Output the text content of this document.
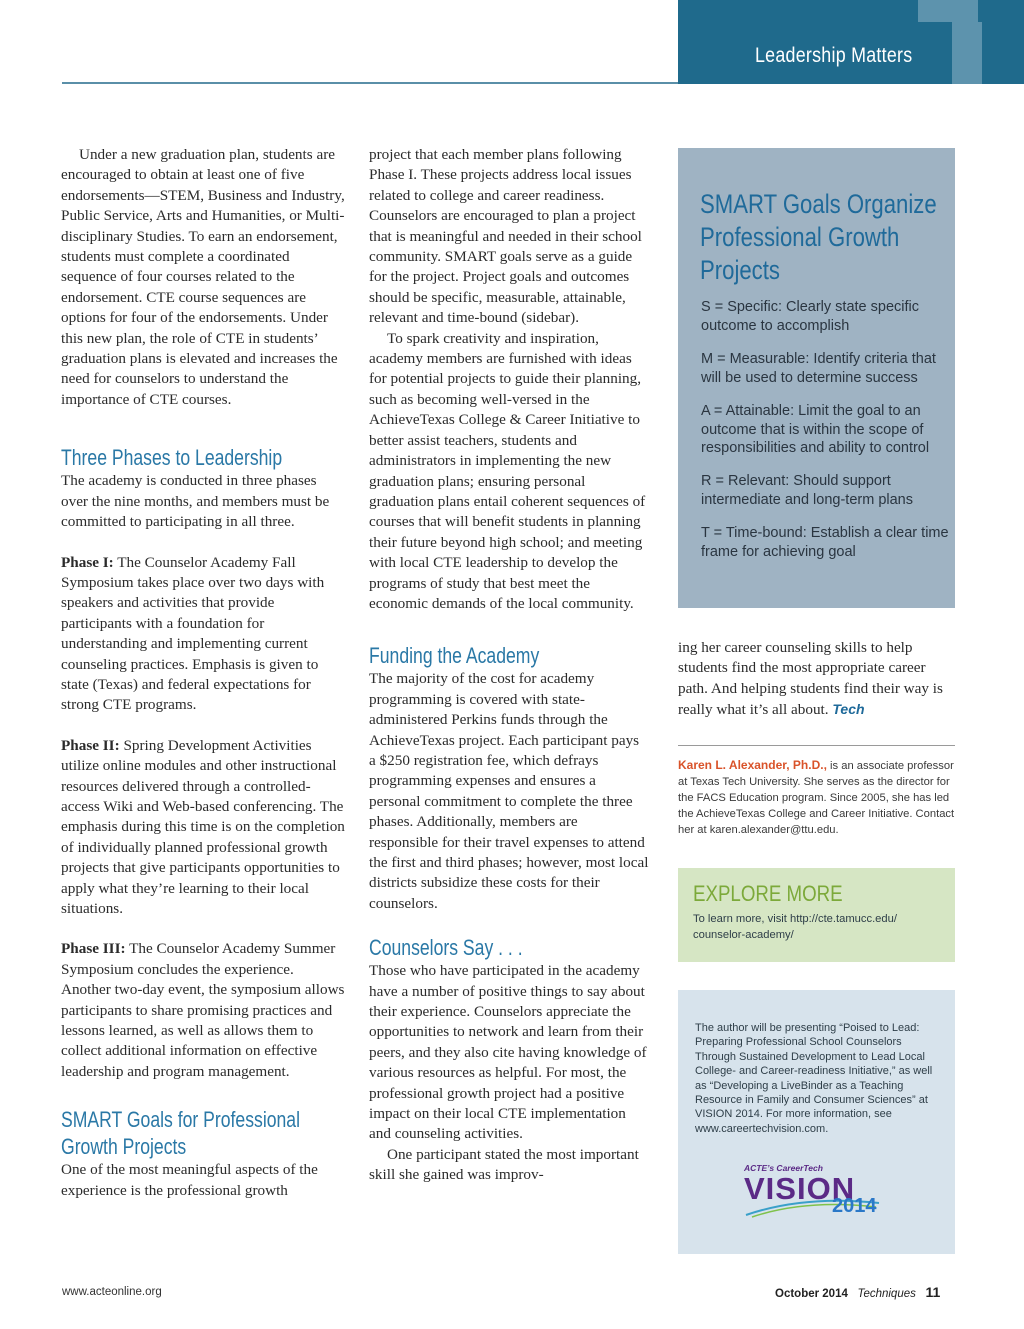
Leadership Matters

Under a new graduation plan, students are encouraged to obtain at least one of five endorsements—STEM, Business and Industry, Public Service, Arts and Humanities, or Multi-disciplinary Studies. To earn an endorsement, students must complete a coordinated sequence of four courses related to the endorsement. CTE course sequences are options for four of the endorsements. Under this new plan, the role of CTE in students’ graduation plans is elevated and increases the need for counselors to understand the importance of CTE courses.

Three Phases to Leadership

The academy is conducted in three phases over the nine months, and members must be committed to participating in all three.

Phase I: The Counselor Academy Fall Symposium takes place over two days with speakers and activities that provide participants with a foundation for understanding and implementing current counseling practices. Emphasis is given to state (Texas) and federal expectations for strong CTE programs.

Phase II: Spring Development Activities utilize online modules and other instructional resources delivered through a controlled-access Wiki and Web-based conferencing. The emphasis during this time is on the completion of individually planned professional growth projects that give participants opportunities to apply what they’re learning to their local situations.

Phase III: The Counselor Academy Summer Symposium concludes the experience. Another two-day event, the symposium allows participants to share promising practices and lessons learned, as well as allows them to collect additional information on effective leadership and program management.

SMART Goals for Professional

Growth Projects

One of the most meaningful aspects of the experience is the professional growth

project that each member plans following Phase I. These projects address local issues related to college and career readiness. Counselors are encouraged to plan a project that is meaningful and needed in their school community. SMART goals serve as a guide for the project. Project goals and outcomes should be specific, measurable, attainable, relevant and time-bound (sidebar).

To spark creativity and inspiration, academy members are furnished with ideas for potential projects to guide their planning, such as becoming well-versed in the AchieveTexas College & Career Initiative to better assist teachers, students and administrators in implementing the new graduation plans; ensuring personal graduation plans entail coherent sequences of courses that will benefit students in planning their future beyond high school; and meeting with local CTE leadership to develop the programs of study that best meet the economic demands of the local community.

Funding the Academy

The majority of the cost for academy programming is covered with state-administered Perkins funds through the AchieveTexas project. Each participant pays a $250 registration fee, which defrays programming expenses and ensures a personal commitment to complete the three phases. Additionally, members are responsible for their travel expenses to attend the first and third phases; however, most local districts subsidize these costs for their counselors.

Counselors Say . . .

Those who have participated in the academy have a number of positive things to say about their experience. Counselors appreciate the opportunities to network and learn from their peers, and they also cite having knowledge of various resources as helpful. For most, the professional growth project had a positive impact on their local CTE implementation and counseling activities.

One participant stated the most important skill she gained was improv-

SMART Goals Organize
Professional Growth
Projects
S = Specific: Clearly state specific outcome to accomplish
M = Measurable: Identify criteria that will be used to determine success
A = Attainable: Limit the goal to an outcome that is within the scope of responsibilities and ability to control
R = Relevant: Should support intermediate and long-term plans
T = Time-bound: Establish a clear time frame for achieving goal

ing her career counseling skills to help students find the most appropriate career path. And helping students find their way is really what it’s all about. Tech

Karen L. Alexander, Ph.D., is an associate professor at Texas Tech University. She serves as the director for the FACS Education program. Since 2005, she has led the AchieveTexas College and Career Initiative. Contact her at karen.alexander@ttu.edu.
EXPLORE MORE
To learn more, visit http://cte.tamucc.edu/ counselor-academy/
The author will be presenting “Poised to Lead: Preparing Professional School Counselors Through Sustained Development to Lead Local College- and Career-readiness Initiative,” as well as “Developing a LiveBinder as a Teaching Resource in Family and Consumer Sciences” at VISION 2014. For more information, see www.careertechvision.com.
ACTE’s CareerTech
VISION
2014
www.acteonline.org	October 2014 Techniques 11
